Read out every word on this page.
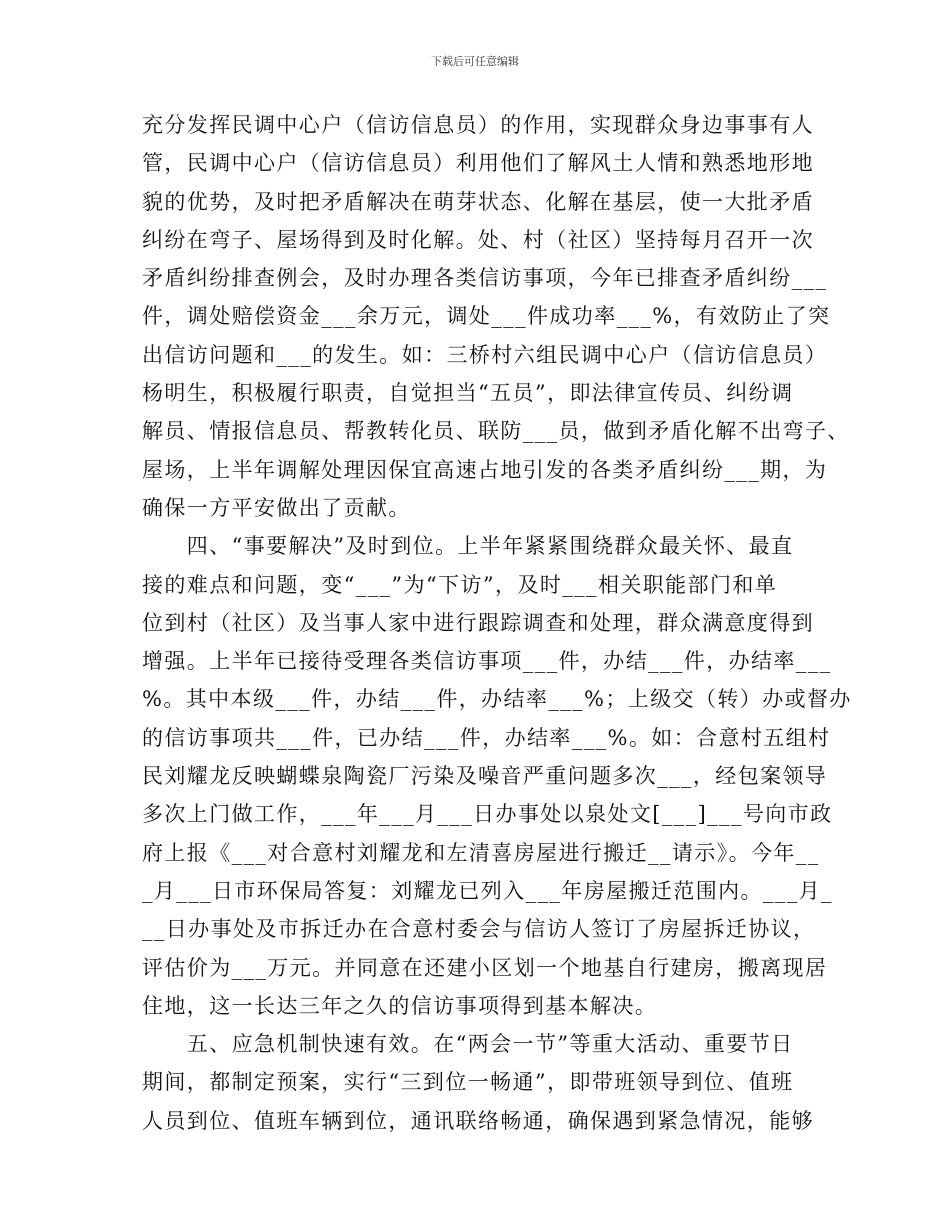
下载后可任意编辑
充分发挥民调中心户（信访信息员）的作用，实现群众身边事事有人
管，民调中心户（信访信息员）利用他们了解风土人情和熟悉地形地
貌的优势，及时把矛盾解决在萌芽状态、化解在基层，使一大批矛盾
纠纷在弯子、屋场得到及时化解。处、村（社区）坚持每月召开一次
矛盾纠纷排查例会，及时办理各类信访事项，今年已排查矛盾纠纷___
件，调处赔偿资金___余万元，调处___件成功率___%，有效防止了突
出信访问题和___的发生。如：三桥村六组民调中心户（信访信息员）
杨明生，积极履行职责，自觉担当“五员”，即法律宣传员、纠纷调
解员、情报信息员、帮教转化员、联防___员，做到矛盾化解不出弯子、
屋场，上半年调解处理因保宜高速占地引发的各类矛盾纠纷___期，为
确保一方平安做出了贡献。
　　四、“事要解决”及时到位。上半年紧紧围绕群众最关怀、最直
接的难点和问题，变“___”为“下访”，及时___相关职能部门和单
位到村（社区）及当事人家中进行跟踪调查和处理，群众满意度得到
增强。上半年已接待受理各类信访事项___件，办结___件，办结率___
%。其中本级___件，办结___件，办结率___%；上级交（转）办或督办
的信访事项共___件，已办结___件，办结率___%。如：合意村五组村
民刘耀龙反映蝴蝶泉陶瓷厂污染及噪音严重问题多次___，经包案领导
多次上门做工作，___年___月___日办事处以泉处文[___]___号向市政
府上报《___对合意村刘耀龙和左清喜房屋进行搬迁__请示》。今年__
_月___日市环保局答复：刘耀龙已列入___年房屋搬迁范围内。___月_
__日办事处及市拆迁办在合意村委会与信访人签订了房屋拆迁协议，
评估价为___万元。并同意在还建小区划一个地基自行建房，搬离现居
住地，这一长达三年之久的信访事项得到基本解决。
　　五、应急机制快速有效。在“两会一节”等重大活动、重要节日
期间，都制定预案，实行“三到位一畅通”，即带班领导到位、值班
人员到位、值班车辆到位，通讯联络畅通，确保遇到紧急情况，能够
